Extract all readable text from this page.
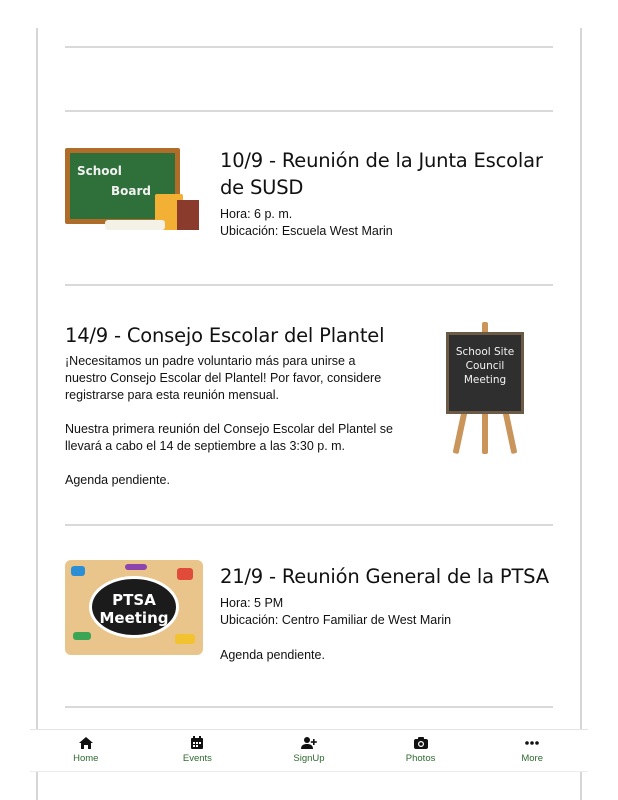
School
Board
10/9 - Reunión de la Junta Escolar de SUSD
Hora: 6 p. m.
Ubicación: Escuela West Marin
14/9 - Consejo Escolar del Plantel
¡Necesitamos un padre voluntario más para unirse a nuestro Consejo Escolar del Plantel! Por favor, considere registrarse para esta reunión mensual.
Nuestra primera reunión del Consejo Escolar del Plantel se llevará a cabo el 14 de septiembre a las 3:30 p. m.
Agenda pendiente.
School Site
Council
Meeting
PTSA
Meeting
21/9 - Reunión General de la PTSA
Hora: 5 PM
Ubicación: Centro Familiar de West Marin
Agenda pendiente.
Home	Events	SignUp	Photos	More
